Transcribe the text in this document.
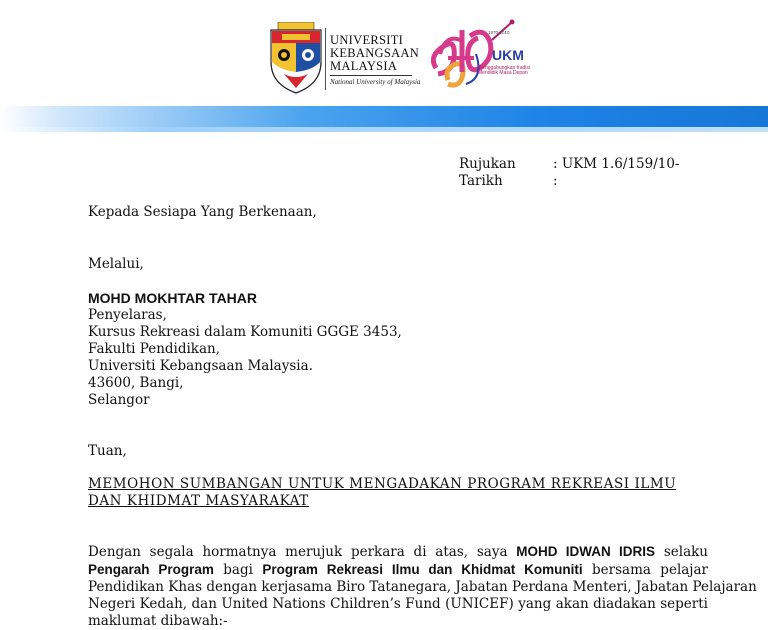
UNIVERSITI
KEBANGSAAN
MALAYSIA
National University of Malaysia
1970-2010
UKM
Menggabungkan tradisi
Mendidik Masa Depan
Rujukan	: UKM 1.6/159/10-
Tarikh	:
Kepada Sesiapa Yang Berkenaan,
Melalui,
MOHD MOKHTAR TAHAR
Penyelaras,
Kursus Rekreasi dalam Komuniti GGGE 3453,
Fakulti Pendidikan,
Universiti Kebangsaan Malaysia.
43600, Bangi,
Selangor
Tuan,
MEMOHON SUMBANGAN UNTUK MENGADAKAN PROGRAM REKREASI ILMU
DAN KHIDMAT MASYARAKAT
Dengan segala hormatnya merujuk perkara di atas, saya MOHD IDWAN IDRIS selaku
Pengarah Program bagi Program Rekreasi Ilmu dan Khidmat Komuniti bersama pelajar
Pendidikan Khas dengan kerjasama Biro Tatanegara, Jabatan Perdana Menteri, Jabatan Pelajaran
Negeri Kedah, dan United Nations Children’s Fund (UNICEF) yang akan diadakan seperti
maklumat dibawah:-
